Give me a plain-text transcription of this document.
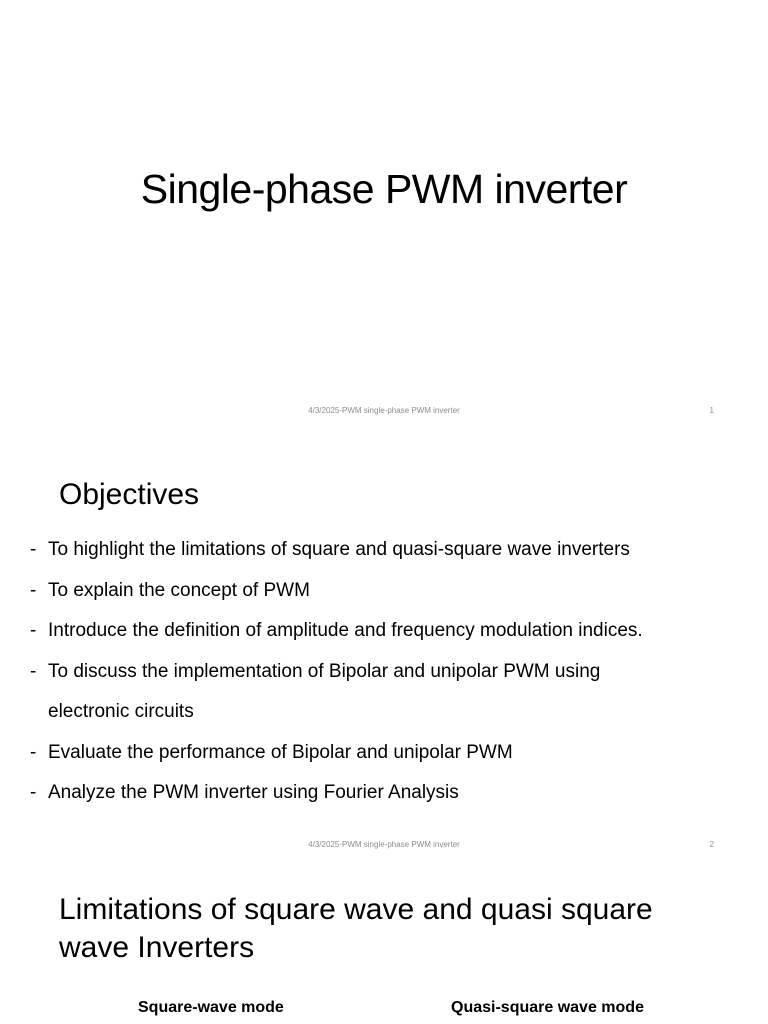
Single-phase PWM inverter
4/3/2025-PWM single-phase PWM inverter	1
Objectives
- To highlight the limitations of square and quasi-square wave inverters
- To explain the concept of PWM
- Introduce the definition of amplitude and frequency modulation indices.
- To discuss the implementation of Bipolar and unipolar PWM using
electronic circuits
- Evaluate the performance of Bipolar and unipolar PWM
- Analyze the PWM inverter using Fourier Analysis
4/3/2025-PWM single-phase PWM inverter	2
Limitations of square wave and quasi square
wave Inverters
Square-wave mode	Quasi-square wave mode
